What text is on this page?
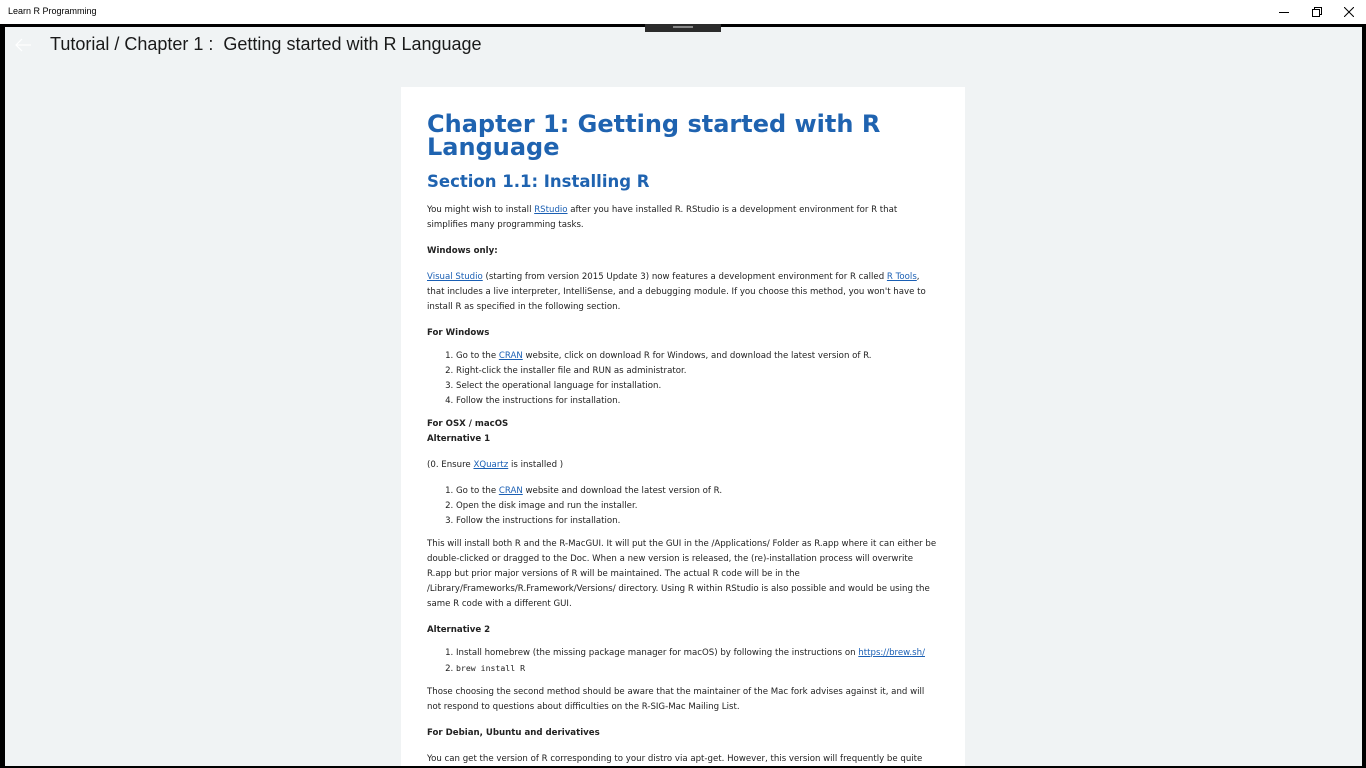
Learn R Programming
Tutorial / Chapter 1 :  Getting started with R Language
Chapter 1: Getting started with R Language
Section 1.1: Installing R

You might wish to install RStudio after you have installed R. RStudio is a development environment for R that simplifies many programming tasks.

Windows only:

Visual Studio (starting from version 2015 Update 3) now features a development environment for R called R Tools, that includes a live interpreter, IntelliSense, and a debugging module. If you choose this method, you won't have to install R as specified in the following section.

For Windows

1. Go to the CRAN website, click on download R for Windows, and download the latest version of R.
2. Right-click the installer file and RUN as administrator.
3. Select the operational language for installation.
4. Follow the instructions for installation.

For OSX / macOS

Alternative 1

(0. Ensure XQuartz is installed )

1. Go to the CRAN website and download the latest version of R.
2. Open the disk image and run the installer.
3. Follow the instructions for installation.

This will install both R and the R-MacGUI. It will put the GUI in the /Applications/ Folder as R.app where it can either be double-clicked or dragged to the Doc. When a new version is released, the (re)-installation process will overwrite R.app but prior major versions of R will be maintained. The actual R code will be in the /Library/Frameworks/R.Framework/Versions/ directory. Using R within RStudio is also possible and would be using the same R code with a different GUI.

Alternative 2

1. Install homebrew (the missing package manager for macOS) by following the instructions on https://brew.sh/
2. brew install R

Those choosing the second method should be aware that the maintainer of the Mac fork advises against it, and will not respond to questions about difficulties on the R-SIG-Mac Mailing List.

For Debian, Ubuntu and derivatives

You can get the version of R corresponding to your distro via apt-get. However, this version will frequently be quite
